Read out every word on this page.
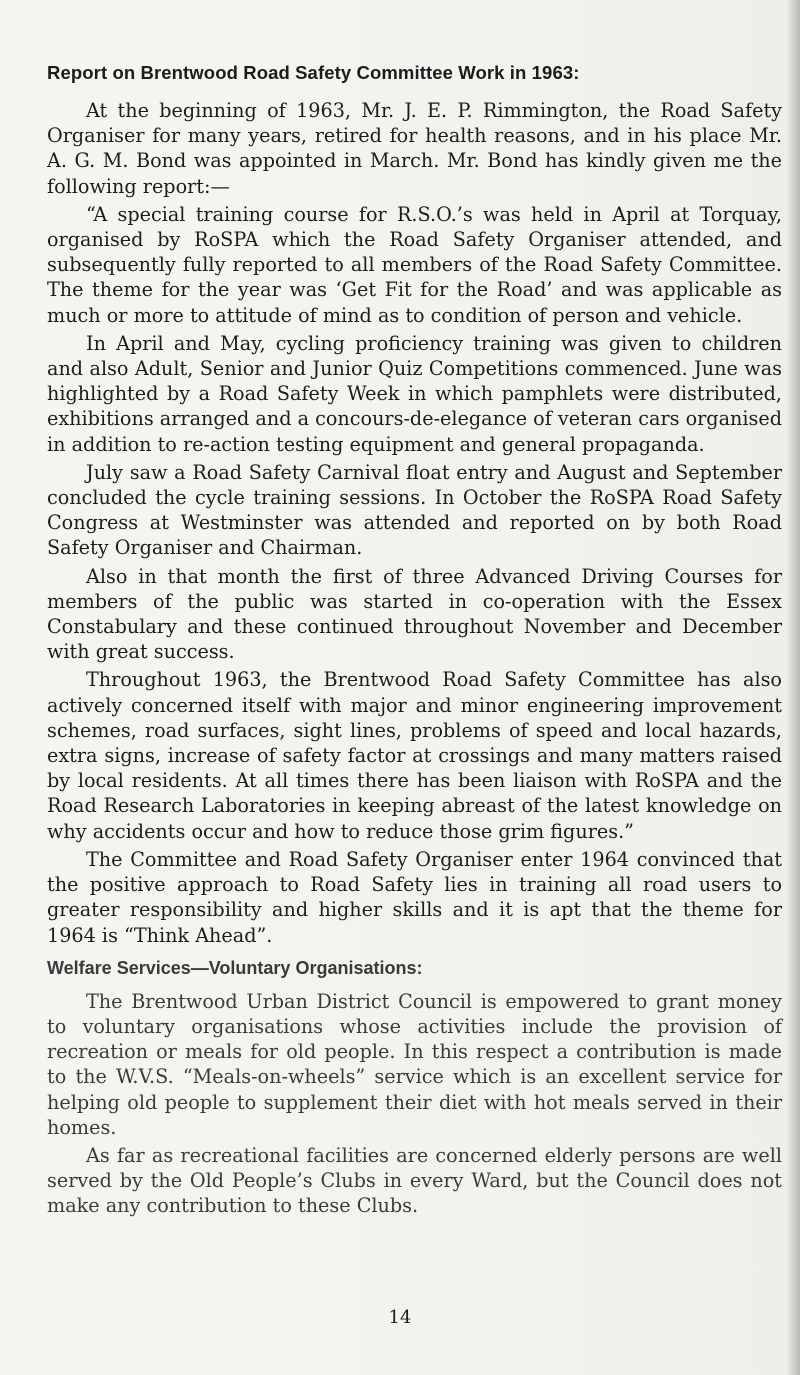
Report on Brentwood Road Safety Committee Work in 1963:

At the beginning of 1963, Mr. J. E. P. Rimmington, the Road Safety Organiser for many years, retired for health reasons, and in his place Mr. A. G. M. Bond was appointed in March. Mr. Bond has kindly given me the following report:—

“A special training course for R.S.O.’s was held in April at Torquay, organised by RoSPA which the Road Safety Organiser attended, and subsequently fully reported to all members of the Road Safety Committee. The theme for the year was ‘Get Fit for the Road’ and was applicable as much or more to attitude of mind as to condition of person and vehicle.

In April and May, cycling proficiency training was given to children and also Adult, Senior and Junior Quiz Competitions commenced. June was highlighted by a Road Safety Week in which pamphlets were distributed, exhibitions arranged and a concours-de-elegance of veteran cars organised in addition to re-action testing equipment and general propaganda.

July saw a Road Safety Carnival float entry and August and September concluded the cycle training sessions. In October the RoSPA Road Safety Congress at Westminster was attended and reported on by both Road Safety Organiser and Chairman.

Also in that month the first of three Advanced Driving Courses for members of the public was started in co-operation with the Essex Constabulary and these continued throughout November and December with great success.

Throughout 1963, the Brentwood Road Safety Committee has also actively concerned itself with major and minor engineering improvement schemes, road surfaces, sight lines, problems of speed and local hazards, extra signs, increase of safety factor at crossings and many matters raised by local residents. At all times there has been liaison with RoSPA and the Road Research Laboratories in keeping abreast of the latest knowledge on why accidents occur and how to reduce those grim figures.”

The Committee and Road Safety Organiser enter 1964 convinced that the positive approach to Road Safety lies in training all road users to greater responsibility and higher skills and it is apt that the theme for 1964 is “Think Ahead”.

Welfare Services—Voluntary Organisations:

The Brentwood Urban District Council is empowered to grant money to voluntary organisations whose activities include the provision of recreation or meals for old people. In this respect a contribution is made to the W.V.S. “Meals-on-wheels” service which is an excellent service for helping old people to supplement their diet with hot meals served in their homes.

As far as recreational facilities are concerned elderly persons are well served by the Old People’s Clubs in every Ward, but the Council does not make any contribution to these Clubs.

14
